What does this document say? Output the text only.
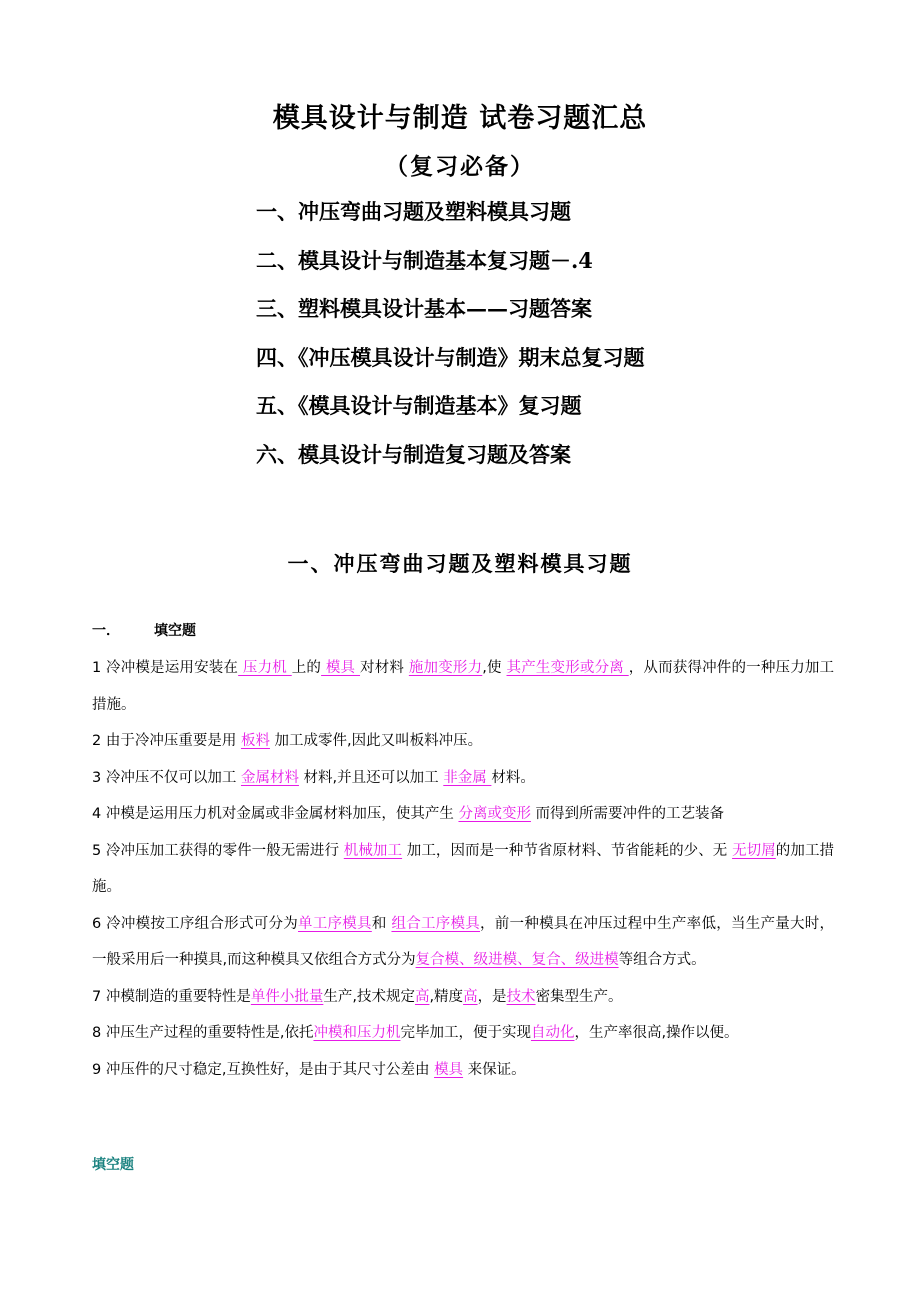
模具设计与制造 试卷习题汇总
（复习必备）
一、冲压弯曲习题及塑料模具习题
二、模具设计与制造基本复习题－.4
三、塑料模具设计基本——习题答案
四、《冲压模具设计与制造》期末总复习题
五、《模具设计与制造基本》复习题
六、模具设计与制造复习题及答案
一、冲压弯曲习题及塑料模具习题
一． 填空题

1 冷冲模是运用安装在 压力机 上的 模具 对材料 施加变形力,使 其产生变形或分离 ，从而获得冲件的一种压力加工措施。

2 由于冷冲压重要是用 板料 加工成零件,因此又叫板料冲压。

3 冷冲压不仅可以加工 金属材料 材料,并且还可以加工 非金属 材料。

4 冲模是运用压力机对金属或非金属材料加压，使其产生 分离或变形 而得到所需要冲件的工艺装备

5 冷冲压加工获得的零件一般无需进行 机械加工 加工，因而是一种节省原材料、节省能耗的少、无 无切屑的加工措施。

6 冷冲模按工序组合形式可分为单工序模具和 组合工序模具，前一种模具在冲压过程中生产率低，当生产量大时，一般采用后一种摸具,而这种模具又依组合方式分为复合模、级进模、复合、级进模等组合方式。

7 冲模制造的重要特性是单件小批量生产,技术规定高,精度高，是技术密集型生产。

8 冲压生产过程的重要特性是,依托冲模和压力机完毕加工，便于实现自动化，生产率很高,操作以便。

9 冲压件的尺寸稳定,互换性好，是由于其尺寸公差由 模具 来保证。

填空题
